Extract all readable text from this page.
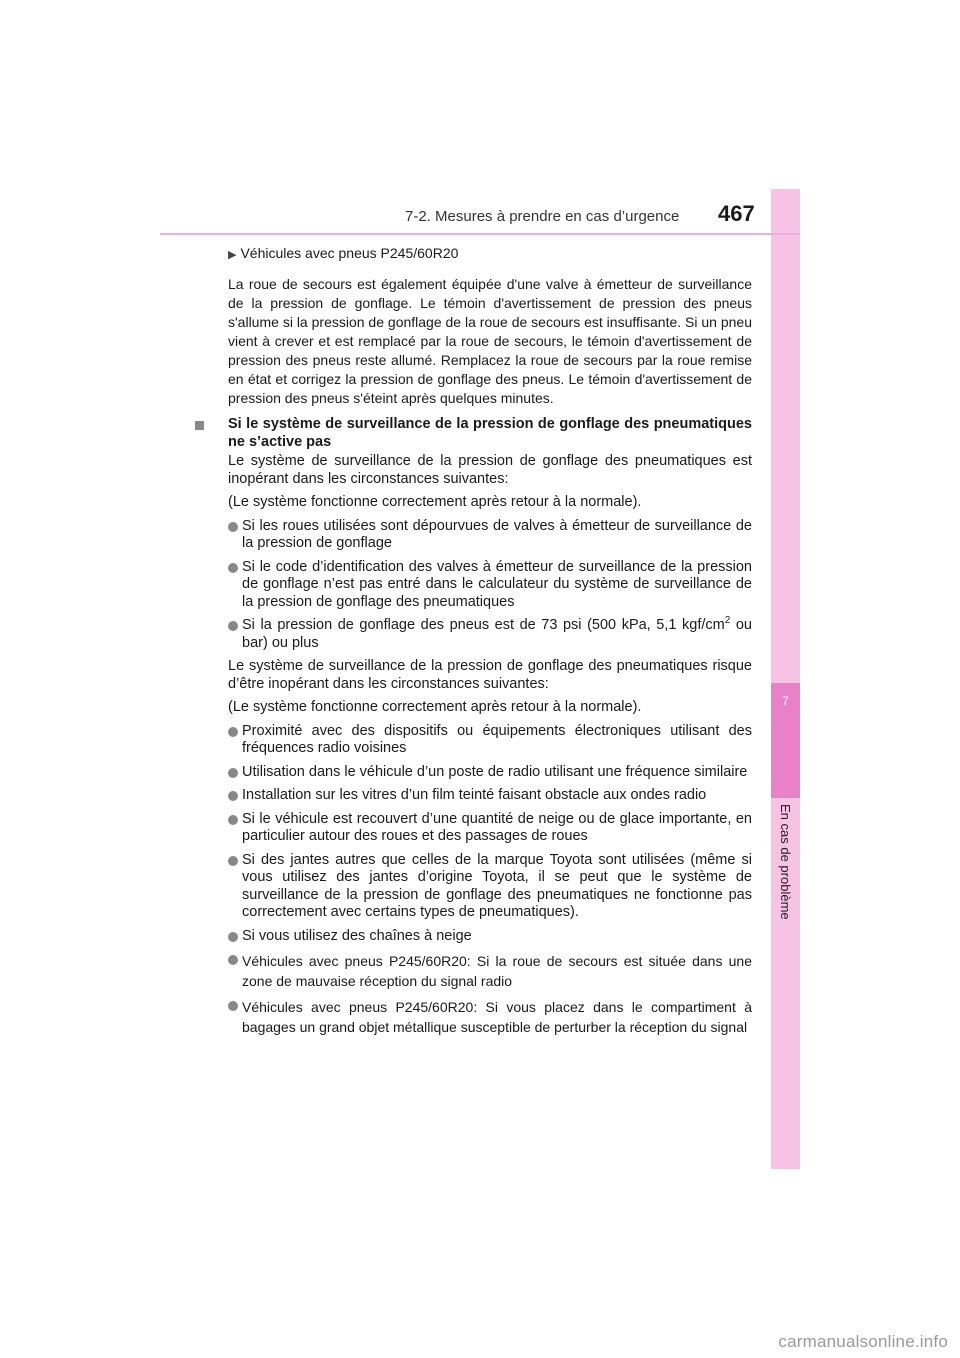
7
En cas de problème
7-2. Mesures à prendre en cas d’urgence 467
▶ Véhicules avec pneus P245/60R20

La roue de secours est également équipée d'une valve à émetteur de surveillance de la pression de gonflage. Le témoin d'avertissement de pression des pneus s'allume si la pression de gonflage de la roue de secours est insuffisante. Si un pneu vient à crever et est remplacé par la roue de secours, le témoin d'avertissement de pression des pneus reste allumé. Remplacez la roue de secours par la roue remise en état et corrigez la pression de gonflage des pneus. Le témoin d'avertissement de pression des pneus s'éteint après quelques minutes.

Si le système de surveillance de la pression de gonflage des pneumatiques ne s’active pas

Le système de surveillance de la pression de gonflage des pneumatiques est inopérant dans les circonstances suivantes:

(Le système fonctionne correctement après retour à la normale).

Si les roues utilisées sont dépourvues de valves à émetteur de surveillance de la pression de gonflage
Si le code d’identification des valves à émetteur de surveillance de la pression de gonflage n’est pas entré dans le calculateur du système de surveillance de la pression de gonflage des pneumatiques
Si la pression de gonflage des pneus est de 73 psi (500 kPa, 5,1 kgf/$cm^2$ ou bar) ou plus

Le système de surveillance de la pression de gonflage des pneumatiques risque d’être inopérant dans les circonstances suivantes:

(Le système fonctionne correctement après retour à la normale).

Proximité avec des dispositifs ou équipements électroniques utilisant des fréquences radio voisines
Utilisation dans le véhicule d’un poste de radio utilisant une fréquence similaire
Installation sur les vitres d’un film teinté faisant obstacle aux ondes radio
Si le véhicule est recouvert d’une quantité de neige ou de glace importante, en particulier autour des roues et des passages de roues
Si des jantes autres que celles de la marque Toyota sont utilisées (même si vous utilisez des jantes d’origine Toyota, il se peut que le système de surveillance de la pression de gonflage des pneumatiques ne fonctionne pas correctement avec certains types de pneumatiques).
Si vous utilisez des chaînes à neige
Véhicules avec pneus P245/60R20: Si la roue de secours est située dans une zone de mauvaise réception du signal radio
Véhicules avec pneus P245/60R20: Si vous placez dans le compartiment à bagages un grand objet métallique susceptible de perturber la réception du signal
carmanualsonline.info
